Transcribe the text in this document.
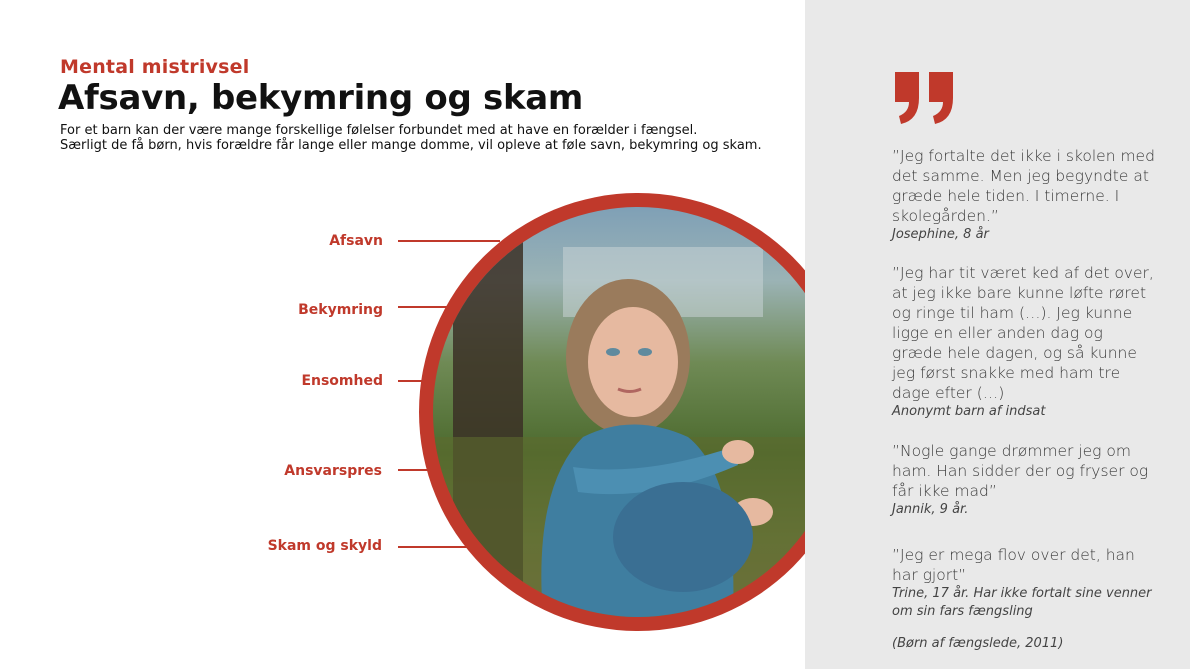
Mental mistrivsel
Afsavn, bekymring og skam
For et barn kan der være mange forskellige følelser forbundet med at have en forælder i fængsel.
Særligt de få børn, hvis forældre får lange eller mange domme, vil opleve at føle savn, bekymring og skam.
Afsavn
Bekymring
Ensomhed
Ansvarspres
Skam og skyld
”Jeg fortalte det ikke i skolen med det samme. Men jeg begyndte at græde hele tiden. I timerne. I skolegården.”
Josephine, 8 år
”Jeg har tit været ked af det over, at jeg ikke bare kunne løfte røret og ringe til ham (…). Jeg kunne ligge en eller anden dag og græde hele dagen, og så kunne jeg først snakke med ham tre dage efter (…)
Anonymt barn af indsat
”Nogle gange drømmer jeg om ham. Han sidder der og fryser og får ikke mad”
Jannik, 9 år.
”Jeg er mega flov over det, han har gjort”
Trine, 17 år. Har ikke fortalt sine venner om sin fars fængsling
(Børn af fængslede, 2011)
